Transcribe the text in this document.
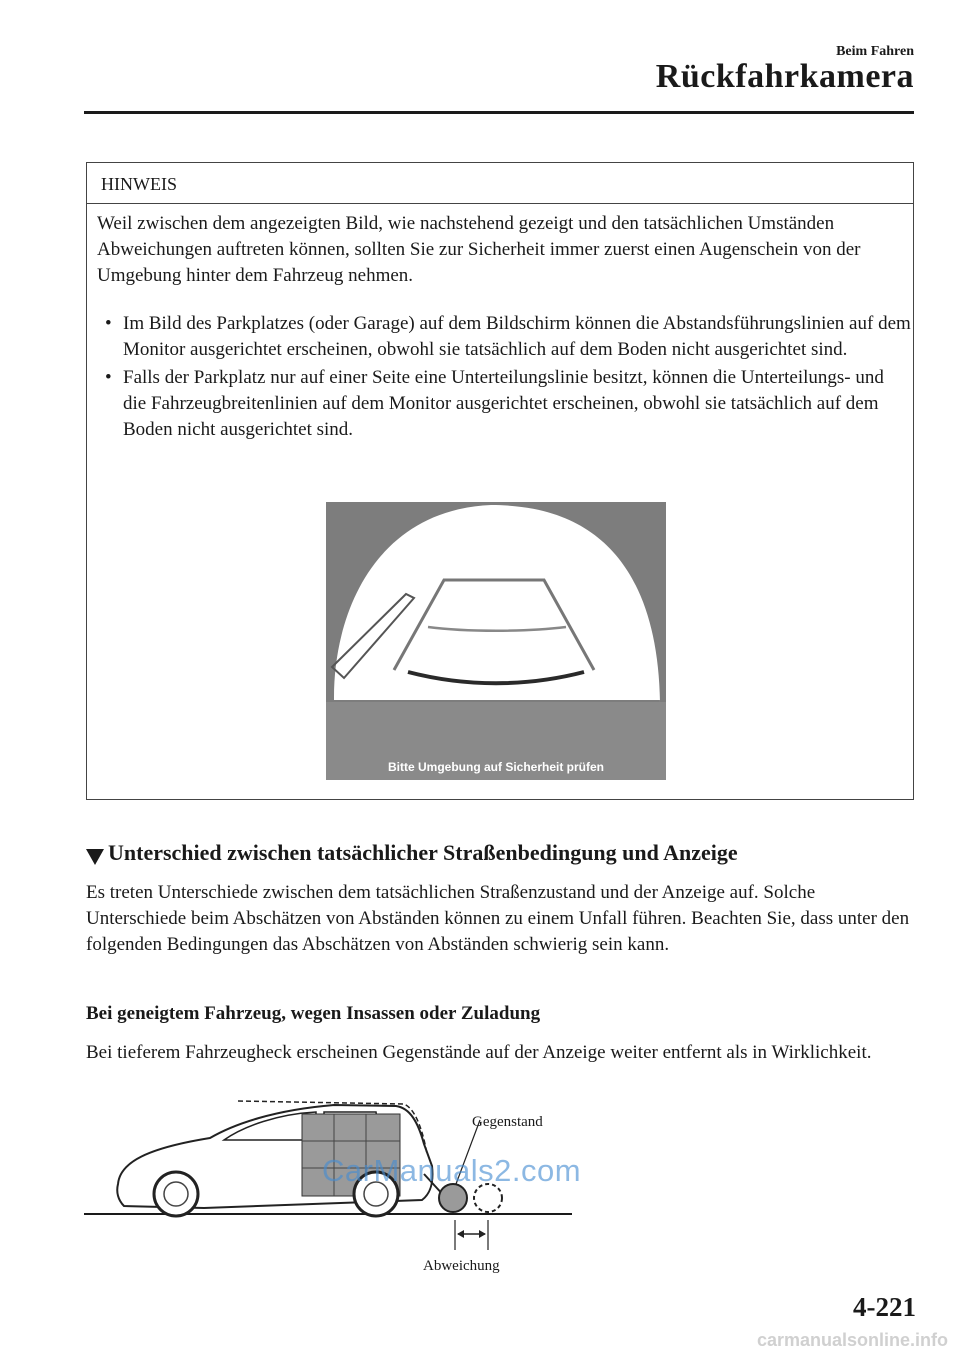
Beim Fahren
Rückfahrkamera
HINWEIS
Weil zwischen dem angezeigten Bild, wie nachstehend gezeigt und den tatsächlichen Umständen Abweichungen auftreten können, sollten Sie zur Sicherheit immer zuerst einen Augenschein von der Umgebung hinter dem Fahrzeug nehmen.
• Im Bild des Parkplatzes (oder Garage) auf dem Bildschirm können die Abstandsführungslinien auf dem Monitor ausgerichtet erscheinen, obwohl sie tatsächlich auf dem Boden nicht ausgerichtet sind.
• Falls der Parkplatz nur auf einer Seite eine Unterteilungslinie besitzt, können die Unterteilungs- und die Fahrzeugbreitenlinien auf dem Monitor ausgerichtet erscheinen, obwohl sie tatsächlich auf dem Boden nicht ausgerichtet sind.
Bitte Umgebung auf Sicherheit prüfen
Unterschied zwischen tatsächlicher Straßenbedingung und Anzeige

Es treten Unterschiede zwischen dem tatsächlichen Straßenzustand und der Anzeige auf. Solche Unterschiede beim Abschätzen von Abständen können zu einem Unfall führen. Beachten Sie, dass unter den folgenden Bedingungen das Abschätzen von Abständen schwierig sein kann.

Bei geneigtem Fahrzeug, wegen Insassen oder Zuladung

Bei tieferem Fahrzeugheck erscheinen Gegenstände auf der Anzeige weiter entfernt als in Wirklichkeit.

Gegenstand
Abweichung
CarManuals2.com
4-221
carmanualsonline.info
